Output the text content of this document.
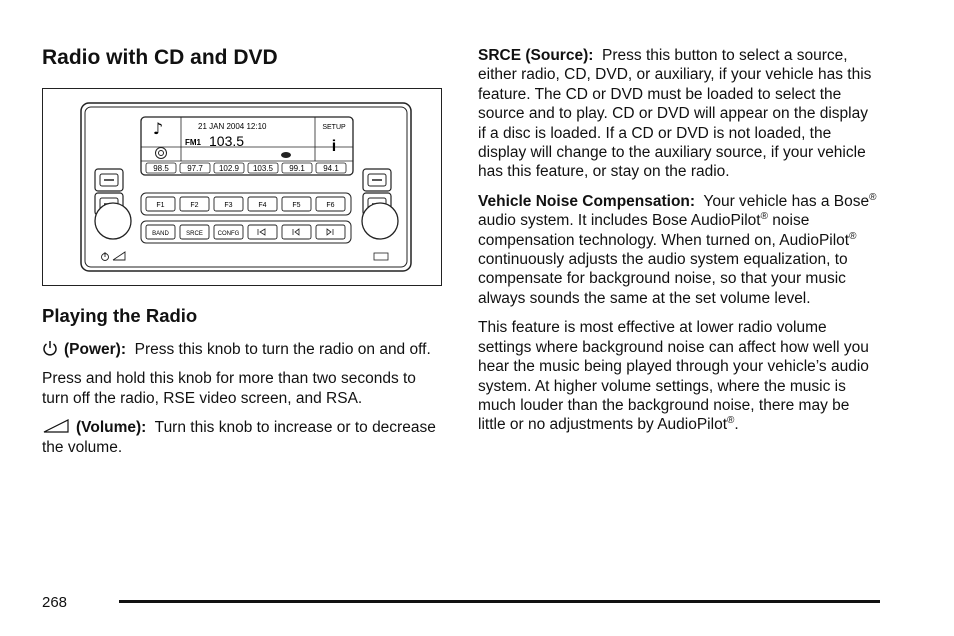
Radio with CD and DVD
♪	21 JAN 2004 12:10
FM1 103.5
SETUP
i
98.5 97.7 102.9 103.5 99.1 94.1
F1	F2	F3	F4	F5	F6
BAND	SRCE CONFG
Playing the Radio

(Power): Press this knob to turn the radio on and off.

Press and hold this knob for more than two seconds to turn off the radio, RSE video screen, and RSA.

(Volume): Turn this knob to increase or to decrease the volume.

SRCE (Source): Press this button to select a source, either radio, CD, DVD, or auxiliary, if your vehicle has this feature. The CD or DVD must be loaded to select the source and to play. CD or DVD will appear on the display if a disc is loaded. If a CD or DVD is not loaded, the display will change to the auxiliary source, if your vehicle has this feature, or stay on the radio.

Vehicle Noise Compensation: Your vehicle has a Bose® audio system. It includes Bose AudioPilot® noise compensation technology. When turned on, AudioPilot® continuously adjusts the audio system equalization, to compensate for background noise, so that your music always sounds the same at the set volume level.

This feature is most effective at lower radio volume settings where background noise can affect how well you hear the music being played through your vehicle’s audio system. At higher volume settings, where the music is much louder than the background noise, there may be little or no adjustments by AudioPilot®.

268
